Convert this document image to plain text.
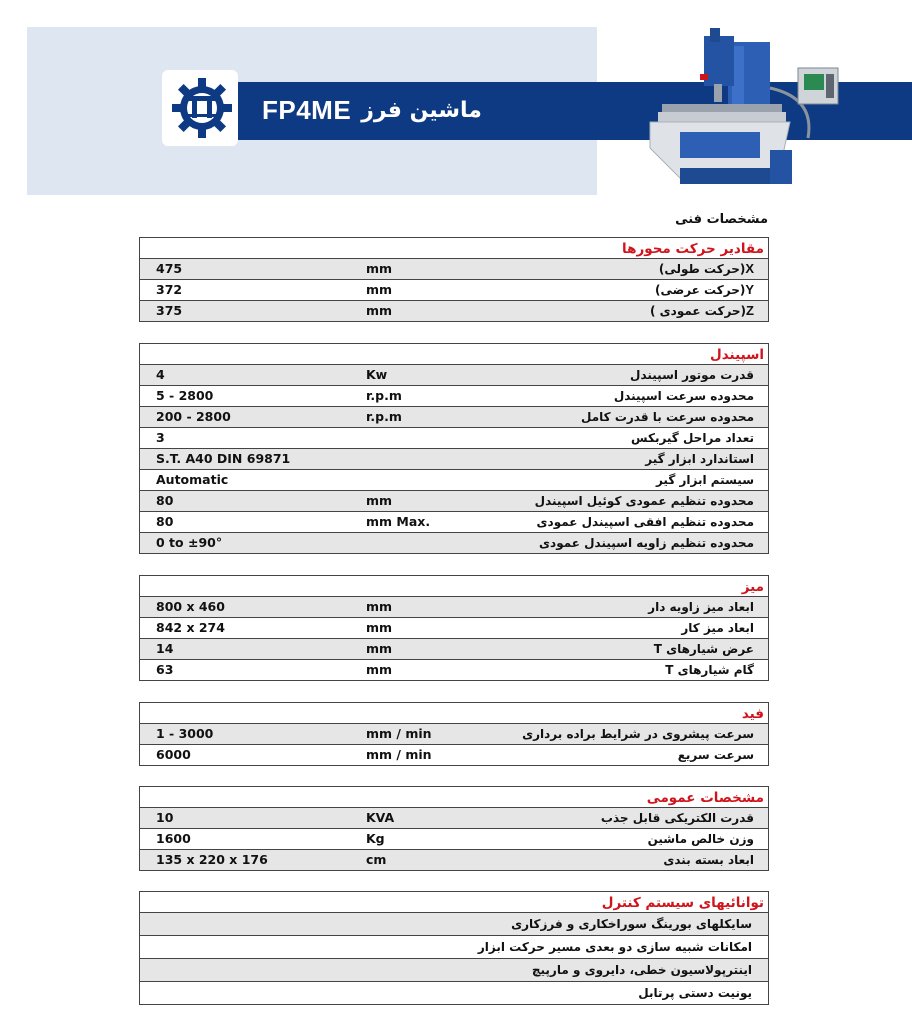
FP4ME ماشین فرز
مشخصات فنی
مقادیر حرکت محورها
475	mm	X(حرکت طولی)
372	mm	Y(حرکت عرضی)
375	mm	Z(حرکت عمودی )
اسپیندل
4	Kw	قدرت موتور اسپیندل
5 - 2800	r.p.m	محدوده سرعت اسپیندل
200 - 2800	r.p.m	محدوده سرعت با قدرت کامل
3	تعداد مراحل گیربکس
S.T. A40 DIN 69871	استاندارد ابزار گیر
Automatic	سیستم ابزار گیر
80	mm	محدوده تنظیم عمودی کوئیل اسپیندل
80	mm Max.	محدوده تنظیم افقی اسپیندل عمودی
0 to ±90°	محدوده تنظیم زاویه اسپیندل عمودی
میز
800 x 460	mm	ابعاد میز زاویه دار
842 x 274	mm	ابعاد میز کار
14	mm	عرض شیارهای T
63	mm	گام شیارهای T
فید
1 - 3000	mm / min	سرعت پیشروی در شرایط براده برداری
6000	mm / min	سرعت سریع
مشخصات عمومی
10	KVA	قدرت الکتریکی قابل جذب
1600	Kg	وزن خالص ماشین
135 x 220 x 176	cm	ابعاد بسته بندی
توانائیهای سیستم کنترل
سایکلهای بورینگ سوراخکاری و فرزکاری
امکانات شبیه سازی دو بعدی مسیر حرکت ابزار
اینترپولاسیون خطی، دایروی و مارپیچ
یونیت دستی پرتابل
